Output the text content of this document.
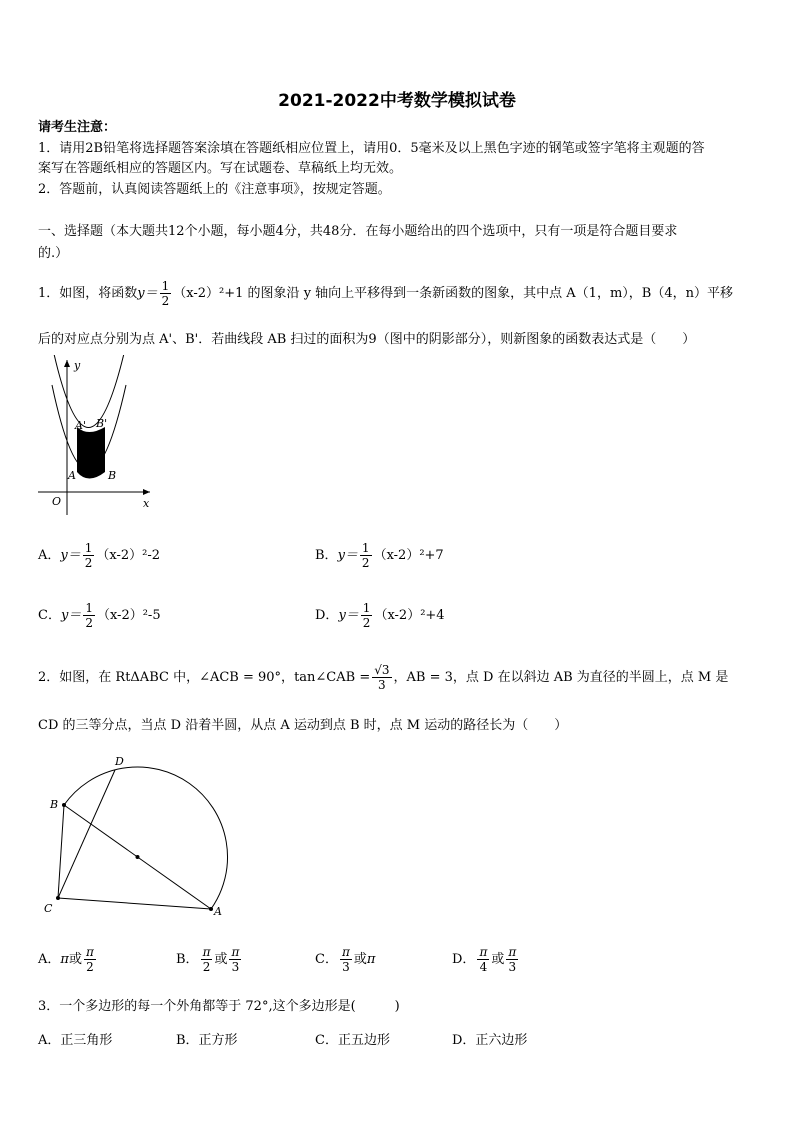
2021-2022中考数学模拟试卷
请考生注意：
1．请用2B铅笔将选择题答案涂填在答题纸相应位置上，请用0．5毫米及以上黑色字迹的钢笔或签字笔将主观题的答
案写在答题纸相应的答题区内。写在试题卷、草稿纸上均无效。
2．答题前，认真阅读答题纸上的《注意事项》，按规定答题。
一、选择题（本大题共12个小题，每小题4分，共48分．在每小题给出的四个选项中，只有一项是符合题目要求
的.）
1．如图，将函数$y= \frac{1}{2} (x-2)^2+1$ 的图象沿 y 轴向上平移得到一条新函数的图象，其中点 A（1，m），B（4，n）平移
后的对应点分别为点 A'、B'．若曲线段 AB 扫过的面积为9（图中的阴影部分），则新图象的函数表达式是（　　）
y
x
O
A	B
A' B'
A．$y= \frac{1}{2} (x-2)^2-2$	B．$y= \frac{1}{2} (x-2)^2+7$
C．$y= \frac{1}{2} (x-2)^2-5$	D．$y= \frac{1}{2} (x-2)^2+4$
2．如图，在 RtΔABC 中，∠ACB = 90°，tan∠CAB = $\frac{√3}{3}$ ，AB = 3，点 D 在以斜边 AB 为直径的半圆上，点 M 是
CD 的三等分点，当点 D 沿着半圆，从点 A 运动到点 B 时，点 M 运动的路径长为（　　）
D
B
C	A
A．π或 $\frac{\pi}{2}$	B． $\frac{\pi}{2}$ 或 $\frac{\pi}{3}$	C． $\frac{\pi}{3}$ 或π	D． $\frac{\pi}{4}$ 或 $\frac{\pi}{3}$
3．一个多边形的每一个外角都等于 72°,这个多边形是(　　　)
A．正三角形	B．正方形	C．正五边形	D．正六边形
